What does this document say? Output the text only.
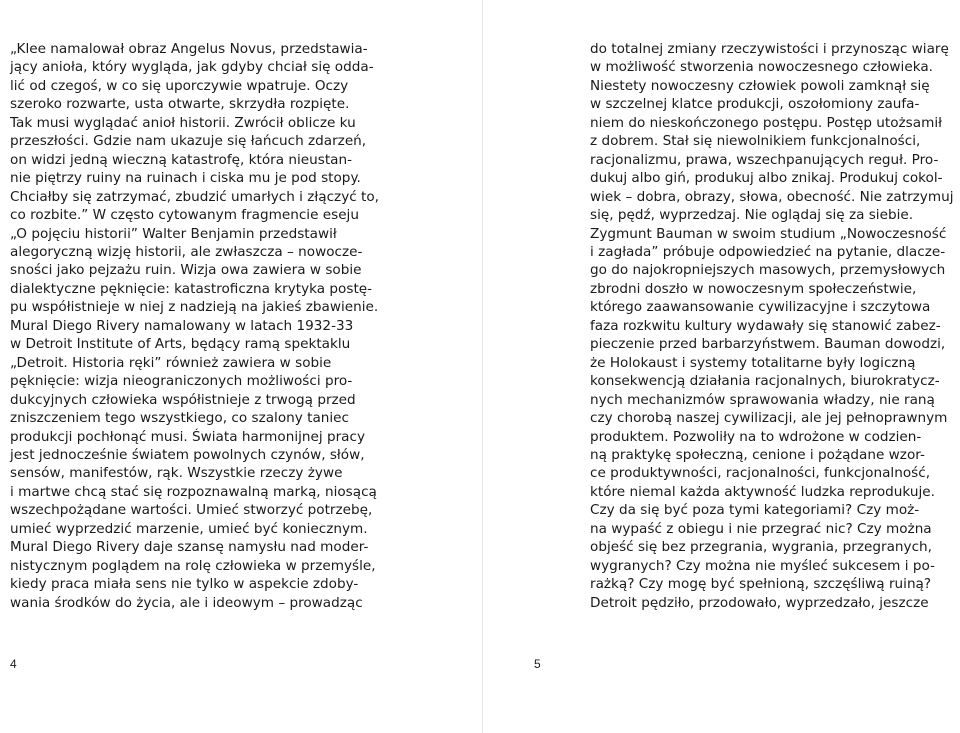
„Klee namalował obraz Angelus Novus, przedstawia-
jący anioła, który wygląda, jak gdyby chciał się odda-
lić od czegoś, w co się uporczywie wpatruje. Oczy
szeroko rozwarte, usta otwarte, skrzydła rozpięte.
Tak musi wyglądać anioł historii. Zwrócił oblicze ku
przeszłości. Gdzie nam ukazuje się łańcuch zdarzeń,
on widzi jedną wieczną katastrofę, która nieustan-
nie piętrzy ruiny na ruinach i ciska mu je pod stopy.
Chciałby się zatrzymać, zbudzić umarłych i złączyć to,
co rozbite.” W często cytowanym fragmencie eseju
„O pojęciu historii” Walter Benjamin przedstawił
alegoryczną wizję historii, ale zwłaszcza – nowocze-
sności jako pejzażu ruin. Wizja owa zawiera w sobie
dialektyczne pęknięcie: katastroficzna krytyka postę-
pu współistnieje w niej z nadzieją na jakieś zbawienie.
Mural Diego Rivery namalowany w latach 1932-33
w Detroit Institute of Arts, będący ramą spektaklu
„Detroit. Historia ręki” również zawiera w sobie
pęknięcie: wizja nieograniczonych możliwości pro-
dukcyjnych człowieka współistnieje z trwogą przed
zniszczeniem tego wszystkiego, co szalony taniec
produkcji pochłonąć musi. Świata harmonijnej pracy
jest jednocześnie światem powolnych czynów, słów,
sensów, manifestów, rąk. Wszystkie rzeczy żywe
i martwe chcą stać się rozpoznawalną marką, niosącą
wszechpożądane wartości. Umieć stworzyć potrzebę,
umieć wyprzedzić marzenie, umieć być koniecznym.
Mural Diego Rivery daje szansę namysłu nad moder-
nistycznym poglądem na rolę człowieka w przemyśle,
kiedy praca miała sens nie tylko w aspekcie zdoby-
wania środków do życia, ale i ideowym – prowadząc
do totalnej zmiany rzeczywistości i przynosząc wiarę
w możliwość stworzenia nowoczesnego człowieka.
Niestety nowoczesny człowiek powoli zamknął się
w szczelnej klatce produkcji, oszołomiony zaufa-
niem do nieskończonego postępu. Postęp utożsamił
z dobrem. Stał się niewolnikiem funkcjonalności,
racjonalizmu, prawa, wszechpanujących reguł. Pro-
dukuj albo giń, produkuj albo znikaj. Produkuj cokol-
wiek – dobra, obrazy, słowa, obecność. Nie zatrzymuj
się, pędź, wyprzedzaj. Nie oglądaj się za siebie.
Zygmunt Bauman w swoim studium „Nowoczesność
i zagłada” próbuje odpowiedzieć na pytanie, dlacze-
go do najokropniejszych masowych, przemysłowych
zbrodni doszło w nowoczesnym społeczeństwie,
którego zaawansowanie cywilizacyjne i szczytowa
faza rozkwitu kultury wydawały się stanowić zabez-
pieczenie przed barbarzyństwem. Bauman dowodzi,
że Holokaust i systemy totalitarne były logiczną
konsekwencją działania racjonalnych, biurokratycz-
nych mechanizmów sprawowania władzy, nie raną
czy chorobą naszej cywilizacji, ale jej pełnoprawnym
produktem. Pozwoliły na to wdrożone w codzien-
ną praktykę społeczną, cenione i pożądane wzor-
ce produktywności, racjonalności, funkcjonalność,
które niemal każda aktywność ludzka reprodukuje.
Czy da się być poza tymi kategoriami? Czy moż-
na wypaść z obiegu i nie przegrać nic? Czy można
objeść się bez przegrania, wygrania, przegranych,
wygranych? Czy można nie myśleć sukcesem i po-
rażką? Czy mogę być spełnioną, szczęśliwą ruiną?
Detroit pędziło, przodowało, wyprzedzało, jeszcze
4	5
